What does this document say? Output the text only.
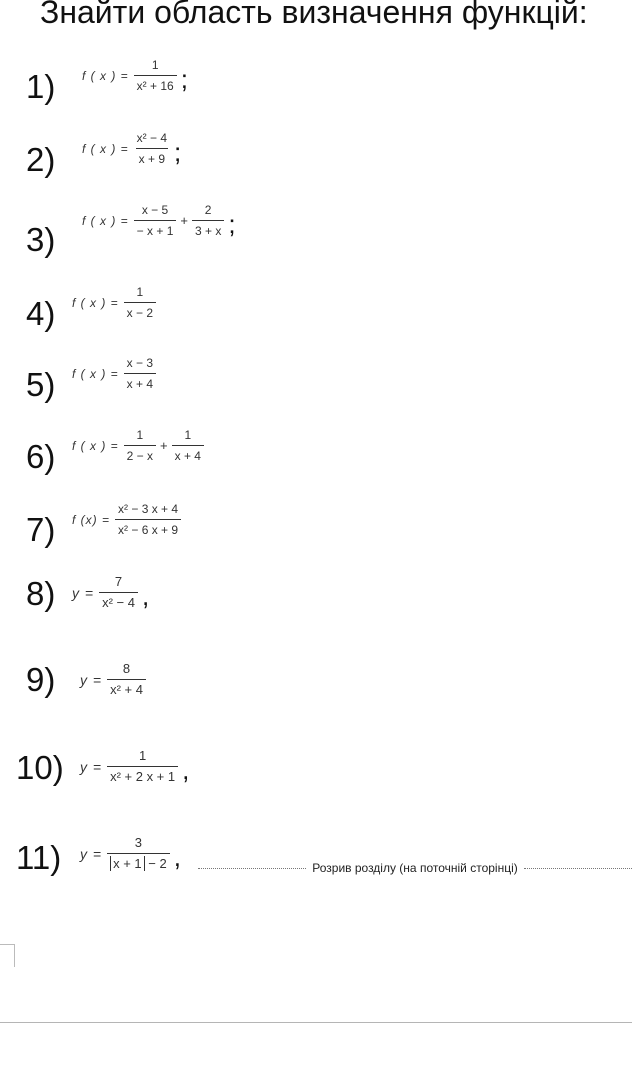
Знайти область визначення функцій:
1) f ( x ) = $\frac{1}{\text{x² + 16}}$ ;
2) f ( x ) = $\frac{\text{x² − 4}}{x + 9}$ ;
3)
f ( x ) = $\frac{x - 5}{- x + 1} + \frac{2}{3 + x}$ ;
4) f ( x ) = $\frac{1}{x - 2}$
5) f ( x ) = $\frac{x - 3}{x + 4}$
6) f ( x ) = $\frac{1}{2 - x} + \frac{1}{x + 4}$
7) f $(x) = \frac{\text{x² − 3 x + 4}}{\text{x² − 6 x + 9}}$
8) $y = \frac{7}{\text{x² − 4}}$ ,
9) $y = \frac{8}{\text{x² + 4}}$
10) $y = \frac{1}{\text{x² + 2 x + 1}}$ ,
11) $y = \frac{3}{x + 1 - 2}$ ,	Розрив розділу (на поточній сторінці)
